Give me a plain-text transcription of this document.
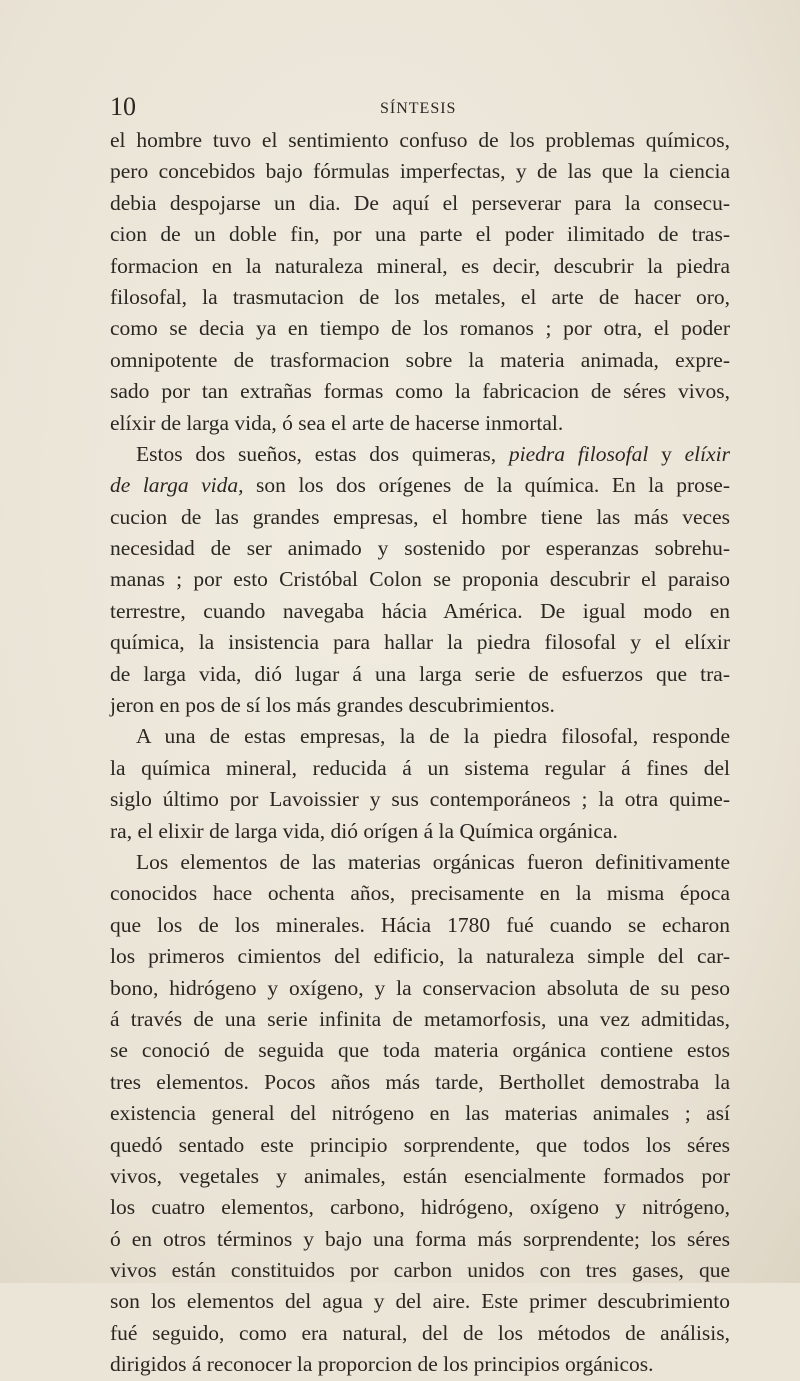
10	SÍNTESIS
el hombre tuvo el sentimiento confuso de los problemas químicos,
pero concebidos bajo fórmulas imperfectas, y de las que la ciencia
debia despojarse un dia. De aquí el perseverar para la consecu-
cion de un doble fin, por una parte el poder ilimitado de tras-
formacion en la naturaleza mineral, es decir, descubrir la piedra
filosofal, la trasmutacion de los metales, el arte de hacer oro,
como se decia ya en tiempo de los romanos ; por otra, el poder
omnipotente de trasformacion sobre la materia animada, expre-
sado por tan extrañas formas como la fabricacion de séres vivos,
elíxir de larga vida, ó sea el arte de hacerse inmortal.
Estos dos sueños, estas dos quimeras, piedra filosofal y elíxir
de larga vida, son los dos orígenes de la química. En la prose-
cucion de las grandes empresas, el hombre tiene las más veces
necesidad de ser animado y sostenido por esperanzas sobrehu-
manas ; por esto Cristóbal Colon se proponia descubrir el paraiso
terrestre, cuando navegaba hácia América. De igual modo en
química, la insistencia para hallar la piedra filosofal y el elíxir
de larga vida, dió lugar á una larga serie de esfuerzos que tra-
jeron en pos de sí los más grandes descubrimientos.
A una de estas empresas, la de la piedra filosofal, responde
la química mineral, reducida á un sistema regular á fines del
siglo último por Lavoissier y sus contemporáneos ; la otra quime-
ra, el elixir de larga vida, dió orígen á la Química orgánica.
Los elementos de las materias orgánicas fueron definitivamente
conocidos hace ochenta años, precisamente en la misma época
que los de los minerales. Hácia 1780 fué cuando se echaron
los primeros cimientos del edificio, la naturaleza simple del car-
bono, hidrógeno y oxígeno, y la conservacion absoluta de su peso
á través de una serie infinita de metamorfosis, una vez admitidas,
se conoció de seguida que toda materia orgánica contiene estos
tres elementos. Pocos años más tarde, Berthollet demostraba la
existencia general del nitrógeno en las materias animales ; así
quedó sentado este principio sorprendente, que todos los séres
vivos, vegetales y animales, están esencialmente formados por
los cuatro elementos, carbono, hidrógeno, oxígeno y nitrógeno,
ó en otros términos y bajo una forma más sorprendente; los séres
vivos están constituidos por carbon unidos con tres gases, que
son los elementos del agua y del aire. Este primer descubrimiento
fué seguido, como era natural, del de los métodos de análisis,
dirigidos á reconocer la proporcion de los principios orgánicos.
